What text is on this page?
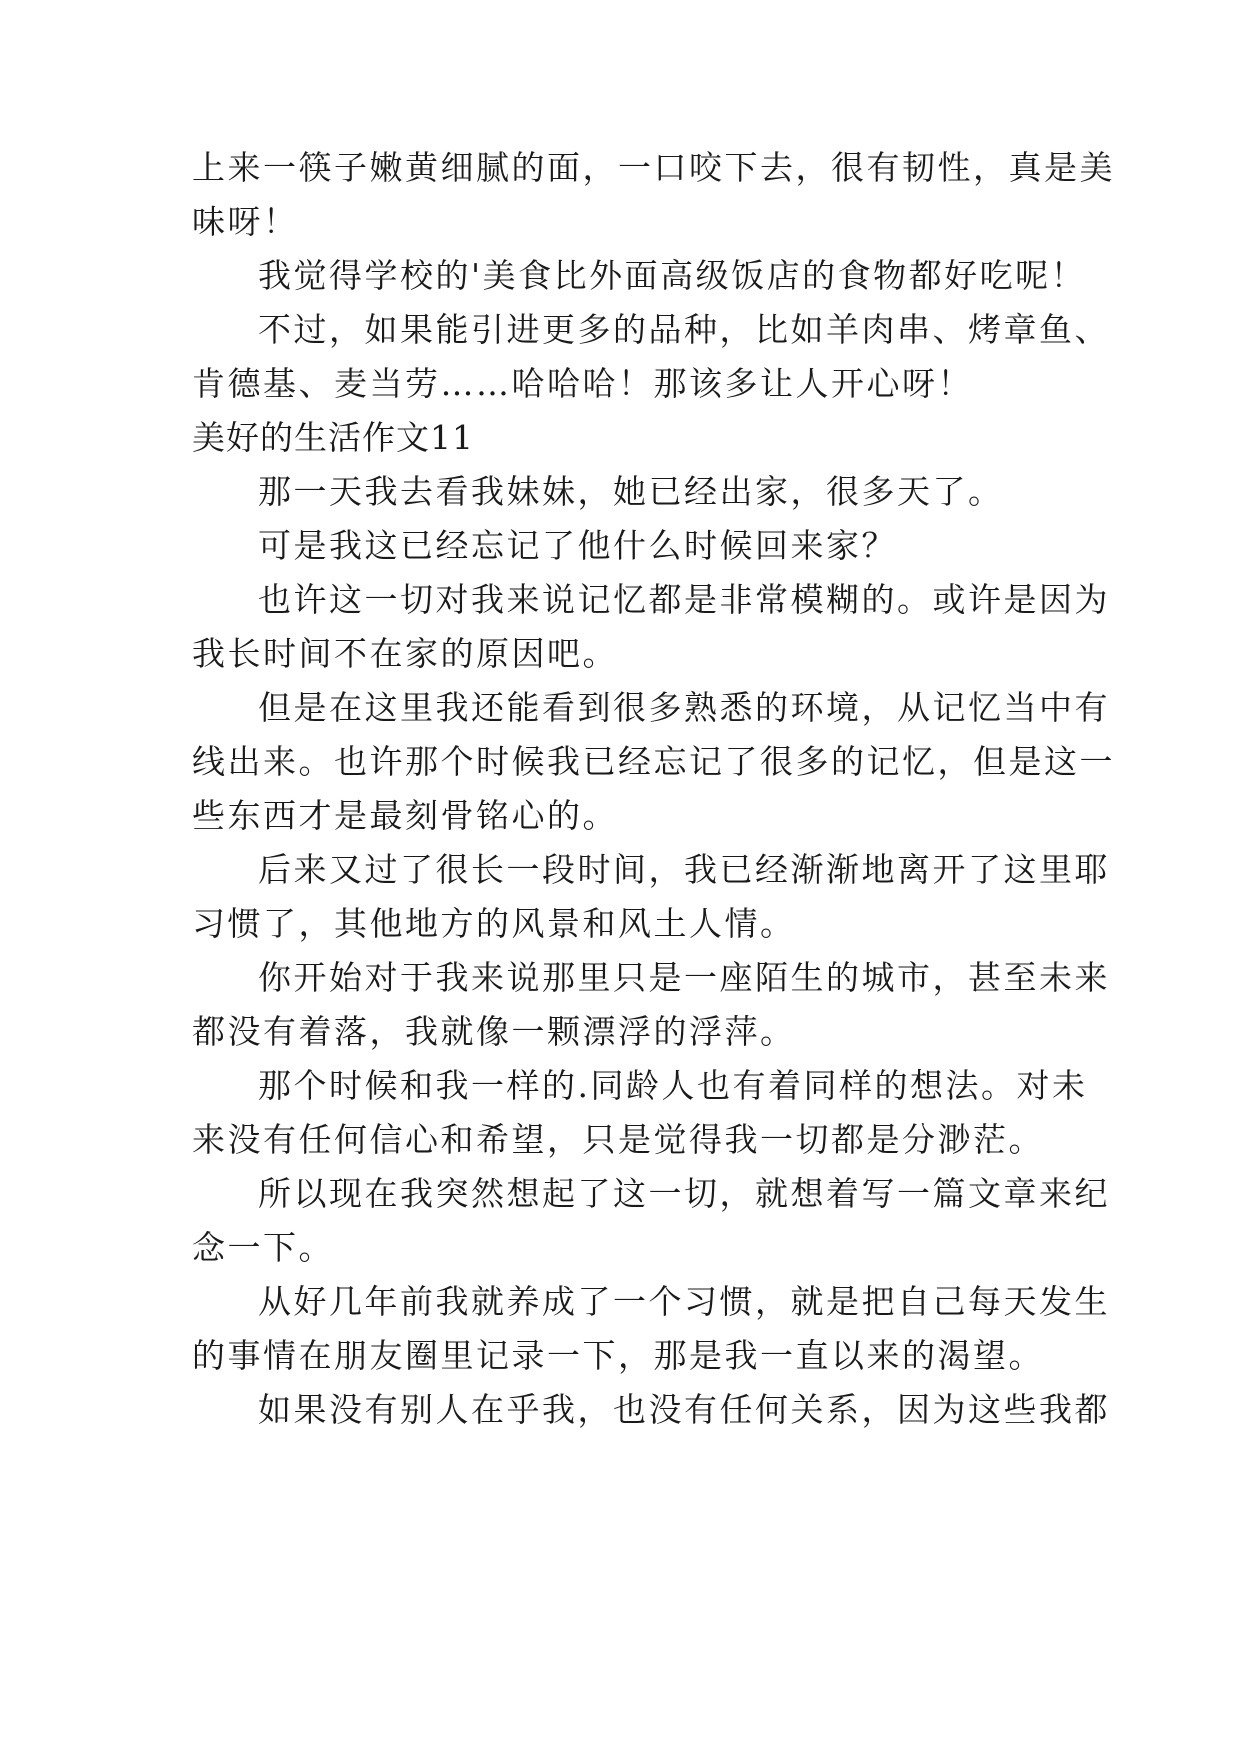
上来一筷子嫩黄细腻的面，一口咬下去，很有韧性，真是美
味呀！
我觉得学校的'美食比外面高级饭店的食物都好吃呢！
不过，如果能引进更多的品种，比如羊肉串、烤章鱼、
肯德基、麦当劳……哈哈哈！那该多让人开心呀！
美好的生活作文11
那一天我去看我妹妹，她已经出家，很多天了。
可是我这已经忘记了他什么时候回来家？
也许这一切对我来说记忆都是非常模糊的。或许是因为
我长时间不在家的原因吧。
但是在这里我还能看到很多熟悉的环境，从记忆当中有
线出来。也许那个时候我已经忘记了很多的记忆，但是这一
些东西才是最刻骨铭心的。
后来又过了很长一段时间，我已经渐渐地离开了这里耶
习惯了，其他地方的风景和风土人情。
你开始对于我来说那里只是一座陌生的城市，甚至未来
都没有着落，我就像一颗漂浮的浮萍。
那个时候和我一样的.同龄人也有着同样的想法。对未
来没有任何信心和希望，只是觉得我一切都是分渺茫。
所以现在我突然想起了这一切，就想着写一篇文章来纪
念一下。
从好几年前我就养成了一个习惯，就是把自己每天发生
的事情在朋友圈里记录一下，那是我一直以来的渴望。
如果没有别人在乎我，也没有任何关系，因为这些我都
